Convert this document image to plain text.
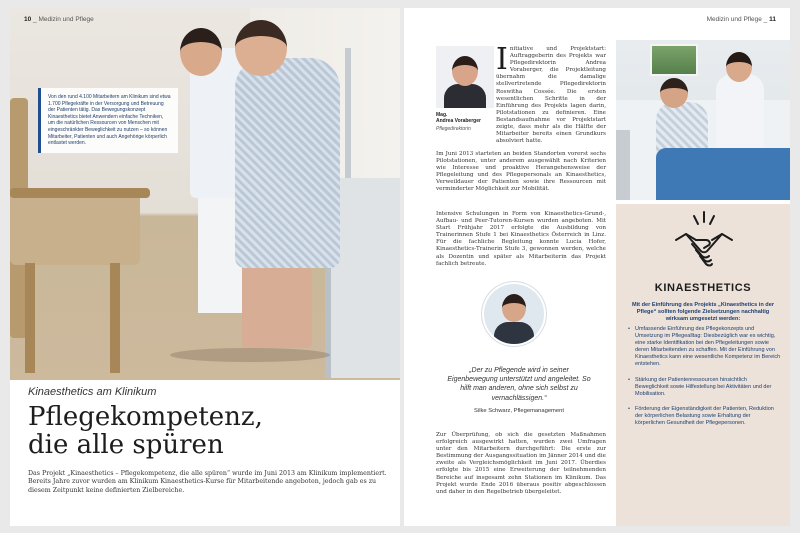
10 _ Medizin und Pflege
Von den rund 4.100 Mitarbeitern am Klinikum sind etwa 1.700 Pflegekräfte in der Versorgung und Betreuung der Patienten tätig. Das Bewegungskonzept Kinaesthetics bietet Anwendern einfache Techniken, um die natürlichen Ressourcen von Menschen mit eingeschränkter Beweglichkeit zu nutzen – so können Mitarbeiter, Patienten und auch Angehörige körperlich entlastet werden.
Kinaesthetics am Klinikum
Pflegekompetenz,
die alle spüren

Das Projekt „Kinaesthetics – Pflegekompetenz, die alle spüren“ wurde im Juni 2013 am Klinikum implementiert. Bereits Jahre zuvor wurden am Klinikum Kinaesthetics-Kurse für Mitarbeitende angeboten, jedoch gab es zu diesem Zeitpunkt keine definierten Zielbereiche.

Medizin und Pflege _ 11
Mag.
Andrea Voraberger
Pflegedirektorin

Initiative und Projektstart: Auftraggeberin des Projekts war Pflegedirektorin Andrea Voraberger, die Projektleitung übernahm die damalige stellvertretende Pflegedirektorin Roswitha Cossée. Die ersten wesentlichen Schritte in der Einführung des Projekts lagen darin, Pilotstationen zu definieren. Eine Bestandsaufnahme vor Projektstart zeigte, dass mehr als die Hälfte der Mitarbeiter bereits einen Grundkurs absolviert hatte.

Im Juni 2013 starteten an beiden Standorten vorerst sechs Pilotstationen, unter anderem ausgewählt nach Kriterien wie Interesse und proaktive Herangehensweise der Pflegeleitung und des Pflegepersonals an Kinaesthetics, Verweildauer der Patienten sowie ihre Ressourcen mit verminderter Möglichkeit zur Mobilität.

Intensive Schulungen in Form von Kinaesthetics-Grund-, Aufbau- und Peer-Tutoren-Kursen wurden angeboten. Mit Start Frühjahr 2017 erfolgte die Ausbildung von Trainerinnen Stufe 1 bei Kinaesthetics Österreich in Linz. Für die fachliche Begleitung konnte Lucia Hofer, Kinaesthetics-Trainerin Stufe 3, gewonnen werden, welche als Dozentin und später als Mitarbeiterin das Projekt fachlich betreute.

„Der zu Pflegende wird in seiner Eigenbewegung unterstützt und angeleitet. So hilft man anderen, ohne sich selbst zu vernachlässigen.“

Silke Schwarz, Pflegemanagement

Zur Überprüfung, ob sich die gesetzten Maßnahmen erfolgreich ausgewirkt hatten, wurden zwei Umfragen unter den Mitarbeitern durchgeführt: Die erste zur Bestimmung der Ausgangssituation im Jänner 2014 und die zweite als Vergleichsmöglichkeit im Juni 2017. Überdies erfolgte bis 2015 eine Erweiterung der teilnehmenden Bereiche auf insgesamt zehn Stationen im Klinikum. Das Projekt wurde Ende 2016 überaus positiv abgeschlossen und daher in den Regelbetrieb übergeleitet.

KINAESTHETICS

Mit der Einführung des Projekts „Kinaesthetics in der Pflege“ sollten folgende Zielsetzungen nachhaltig wirksam umgesetzt werden:

• Umfassende Einführung des Pflegekonzepts und Umsetzung im Pflegealltag: Diesbezüglich war es wichtig, eine starke Identifikation bei den Pflegeleitungen sowie deren Mitarbeitenden zu schaffen. Mit der Einführung von Kinaesthetics kann eine wesentliche Kompetenz im Bereich entstehen.
• Stärkung der Patientenressourcen hinsichtlich Beweglichkeit sowie Hilfestellung bei Aktivitäten und der Mobilisation.
• Förderung der Eigenständigkeit der Patienten, Reduktion der körperlichen Belastung sowie Erhaltung der körperlichen Gesundheit der Pflegepersonen.
